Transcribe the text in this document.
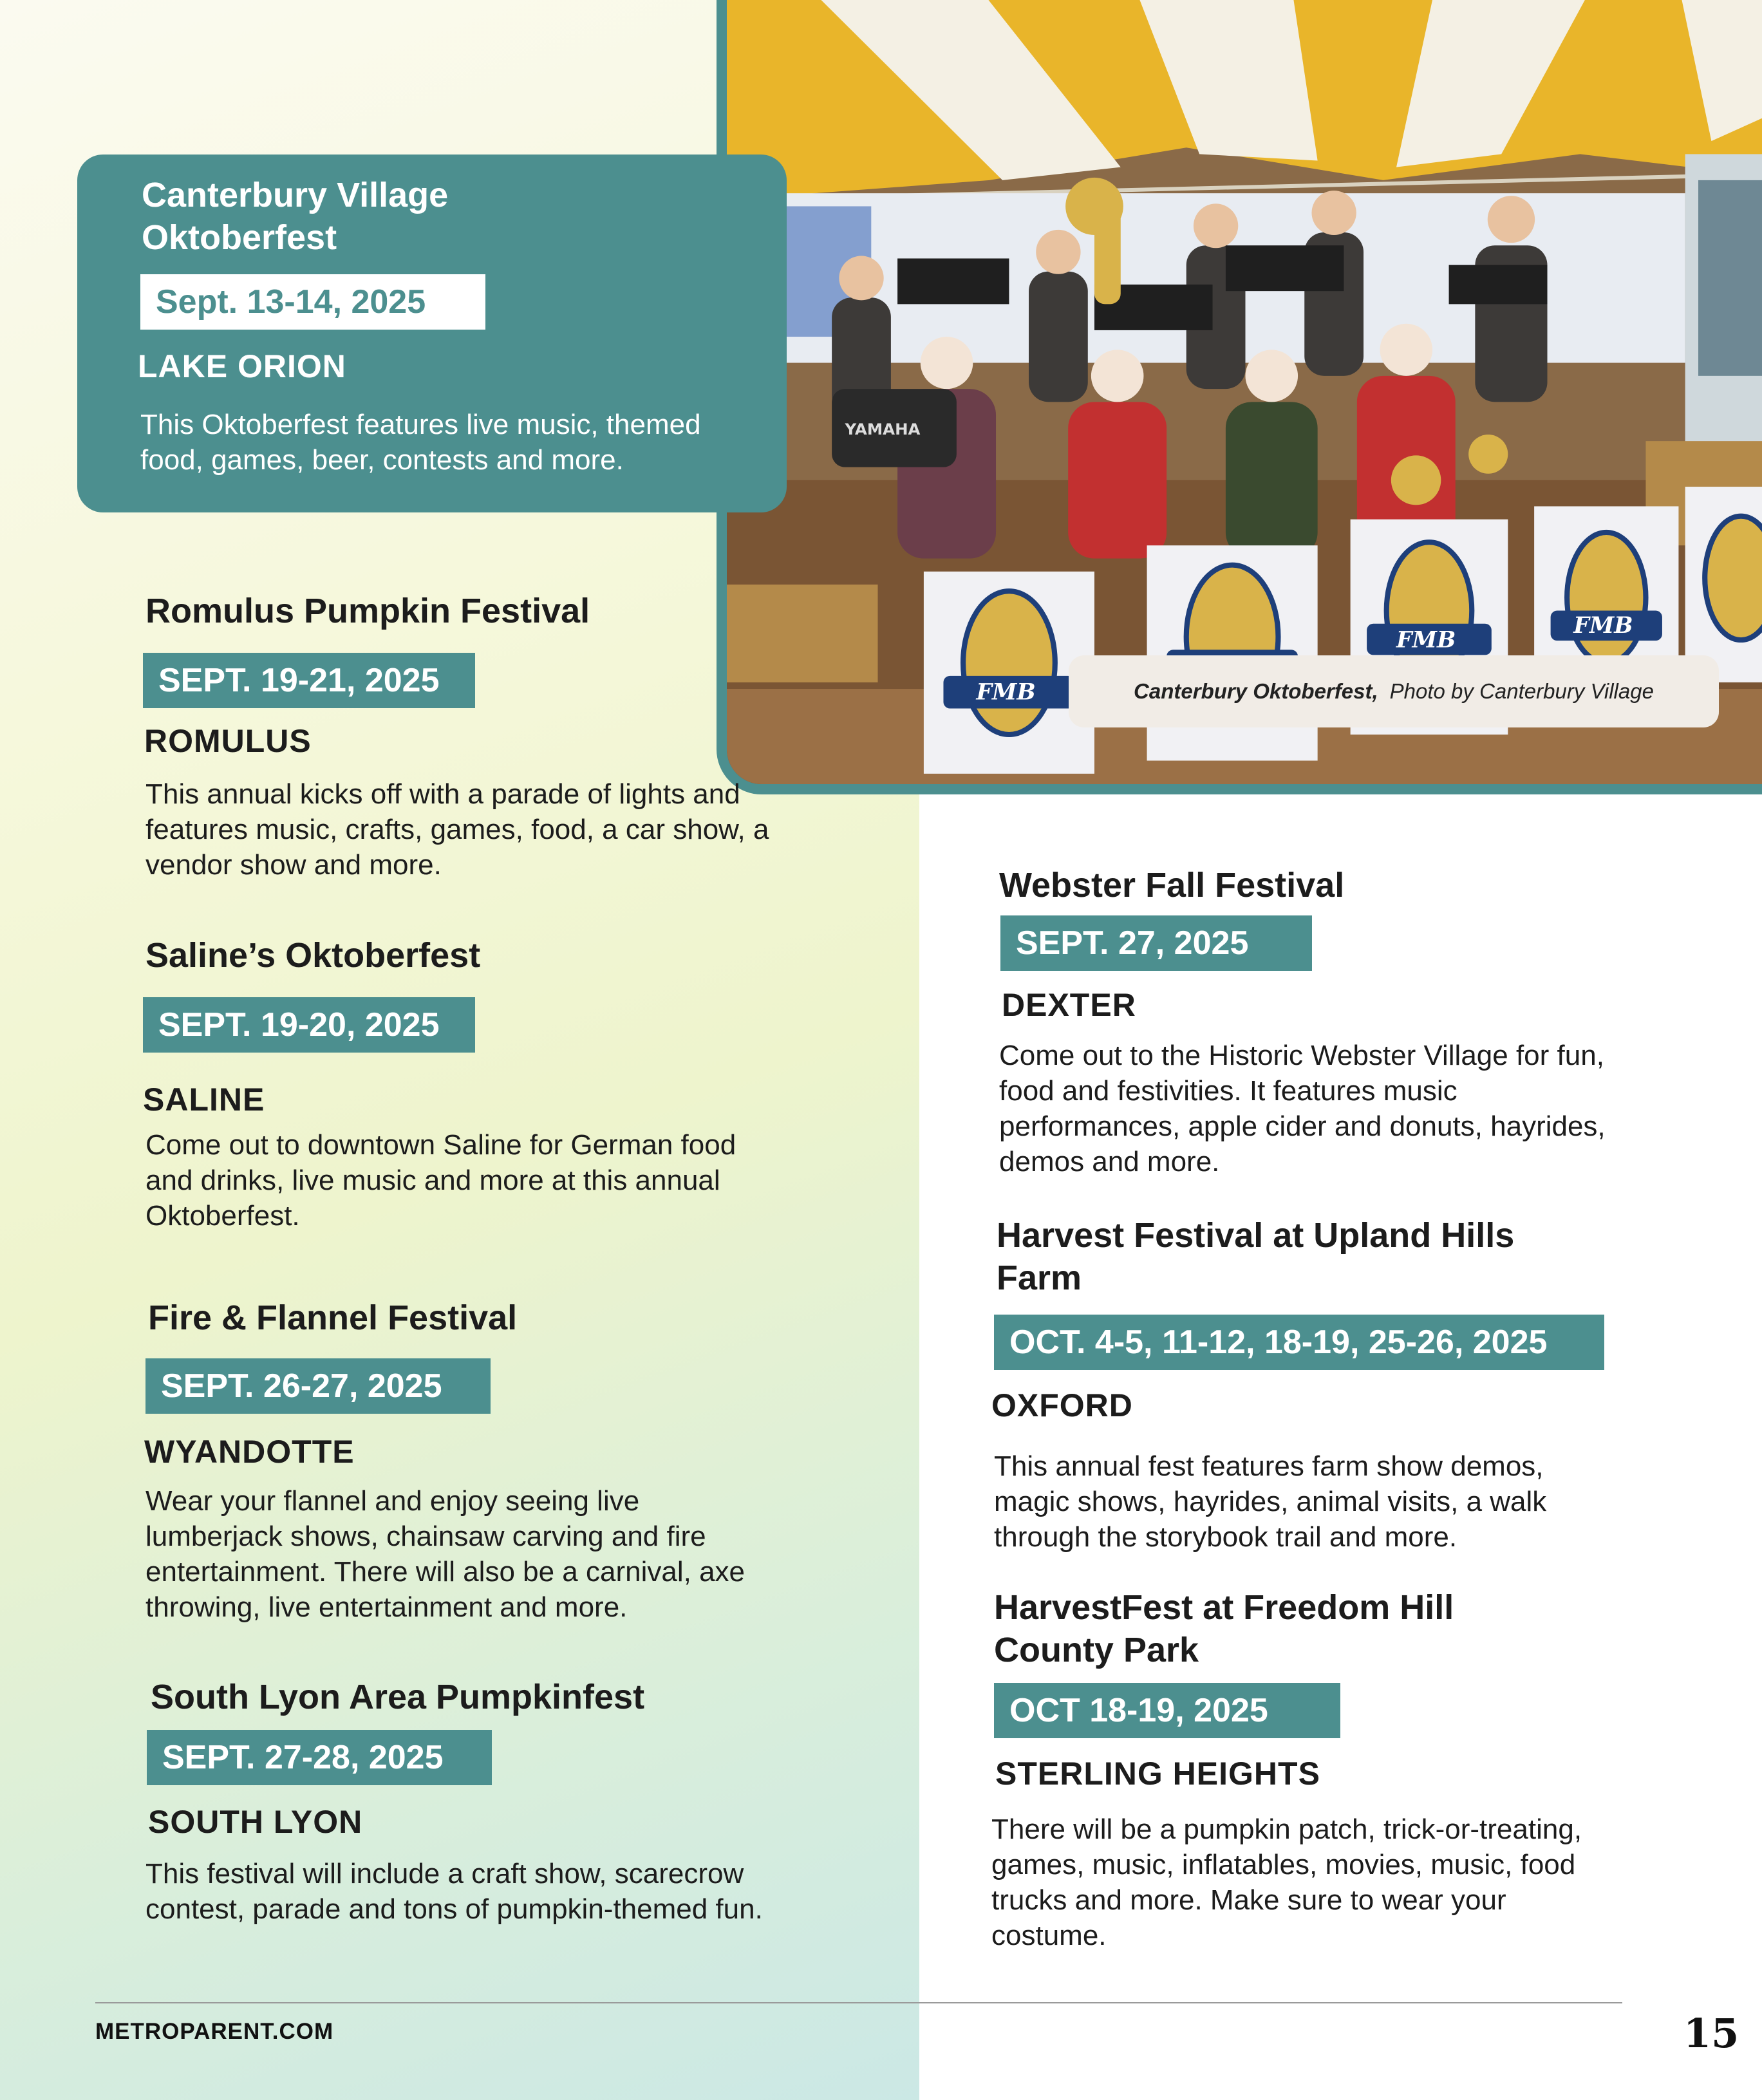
FMB
FMB
FMB
YAMAHA
Canterbury Oktoberfest, Photo by Canterbury Village
Canterbury Village Oktoberfest
Sept. 13-14, 2025
LAKE ORION
This Oktoberfest features live music, themed food, games, beer, contests and more.
Romulus Pumpkin Festival
SEPT. 19-21, 2025
ROMULUS
This annual kicks off with a parade of lights and features music, crafts, games, food, a car show, a vendor show and more.
Saline’s Oktoberfest
SEPT. 19-20, 2025
SALINE
Come out to downtown Saline for German food and drinks, live music and more at this annual Oktoberfest.
Fire & Flannel Festival
SEPT. 26-27, 2025
WYANDOTTE
Wear your flannel and enjoy seeing live lumberjack shows, chainsaw carving and fire entertainment. There will also be a carnival, axe throwing, live entertainment and more.
South Lyon Area Pumpkinfest
SEPT. 27-28, 2025
SOUTH LYON
This festival will include a craft show, scarecrow contest, parade and tons of pumpkin-themed fun.
Webster Fall Festival
SEPT. 27, 2025
DEXTER
Come out to the Historic Webster Village for fun, food and festivities. It features music performances, apple cider and donuts, hayrides, demos and more.
Harvest Festival at Upland Hills Farm
OCT. 4-5, 11-12, 18-19, 25-26, 2025
OXFORD
This annual fest features farm show demos, magic shows, hayrides, animal visits, a walk through the storybook trail and more.
HarvestFest at Freedom Hill County Park
OCT 18-19, 2025
STERLING HEIGHTS
There will be a pumpkin patch, trick-or-treating, games, music, inflatables, movies, music, food trucks and more. Make sure to wear your costume.
METROPARENT.COM	15
